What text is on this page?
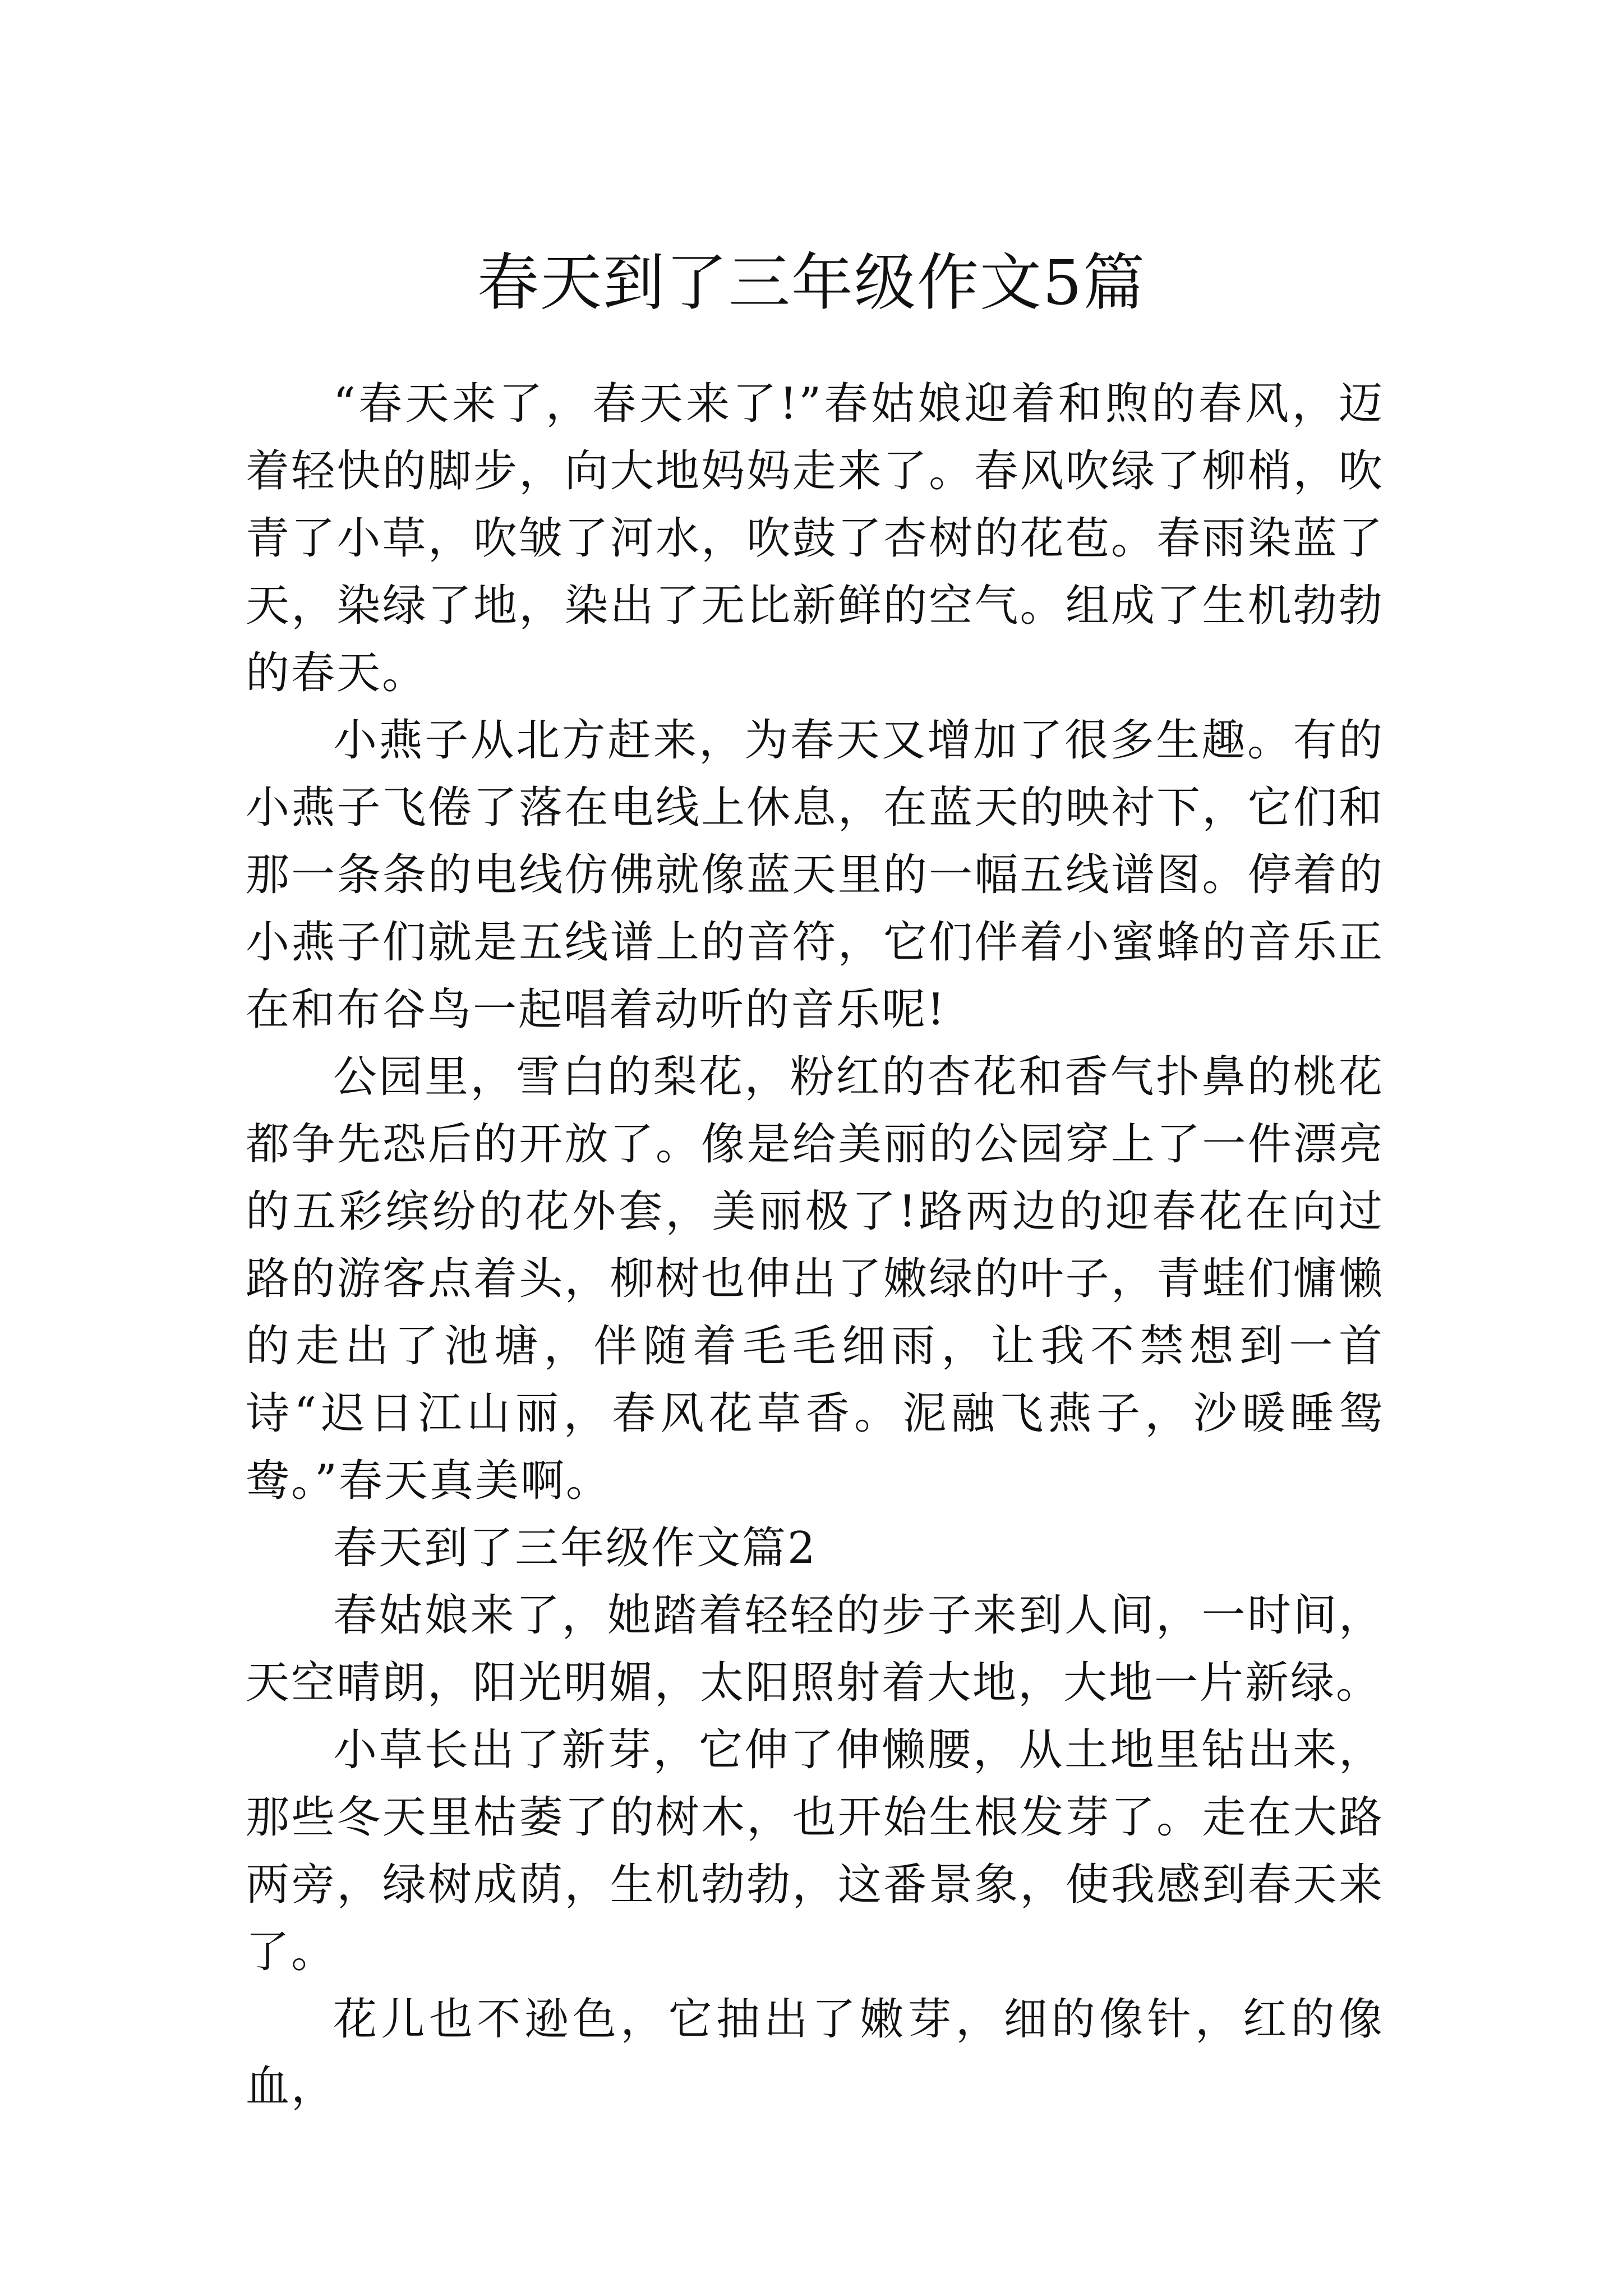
春天到了三年级作文5篇

“春天来了，春天来了!”春姑娘迎着和煦的春风，迈着轻快的脚步，向大地妈妈走来了。春风吹绿了柳梢，吹青了小草，吹皱了河水，吹鼓了杏树的花苞。春雨染蓝了天，染绿了地，染出了无比新鲜的空气。组成了生机勃勃的春天。

小燕子从北方赶来，为春天又增加了很多生趣。有的小燕子飞倦了落在电线上休息，在蓝天的映衬下，它们和那一条条的电线仿佛就像蓝天里的一幅五线谱图。停着的小燕子们就是五线谱上的音符，它们伴着小蜜蜂的音乐正在和布谷鸟一起唱着动听的音乐呢!

公园里，雪白的梨花，粉红的杏花和香气扑鼻的桃花都争先恐后的开放了。像是给美丽的公园穿上了一件漂亮的五彩缤纷的花外套，美丽极了!路两边的迎春花在向过路的游客点着头，柳树也伸出了嫩绿的叶子，青蛙们慵懒的走出了池塘，伴随着毛毛细雨，让我不禁想到一首诗“迟日江山丽，春风花草香。泥融飞燕子，沙暖睡鸳鸯。”春天真美啊。

春天到了三年级作文篇2

春姑娘来了，她踏着轻轻的步子来到人间，一时间，天空晴朗，阳光明媚，太阳照射着大地，大地一片新绿。

小草长出了新芽，它伸了伸懒腰，从土地里钻出来，那些冬天里枯萎了的树木，也开始生根发芽了。走在大路两旁，绿树成荫，生机勃勃，这番景象，使我感到春天来了。

花儿也不逊色，它抽出了嫩芽，细的像针，红的像血，
